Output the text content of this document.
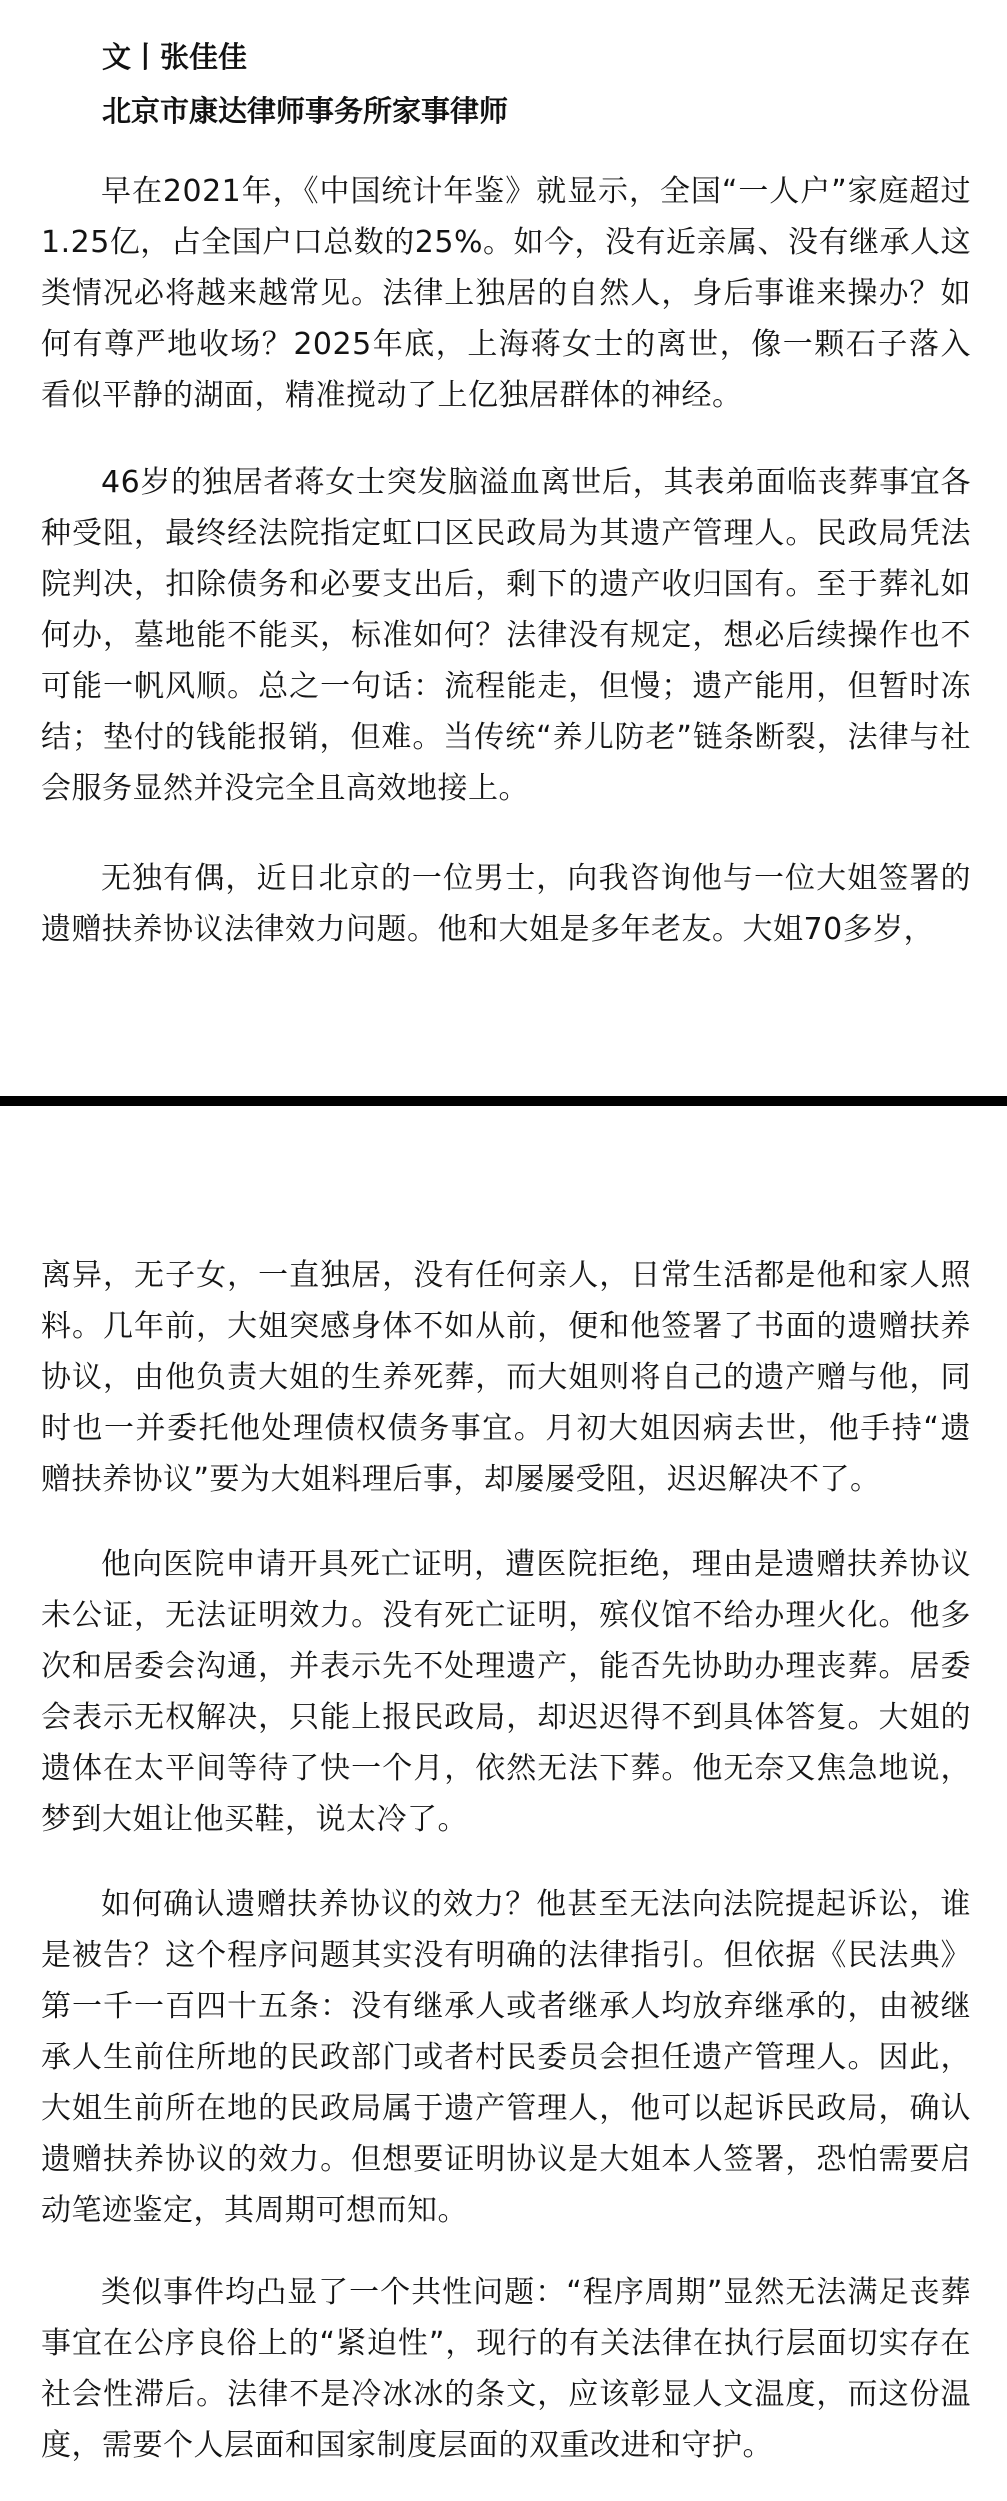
文丨张佳佳

北京市康达律师事务所家事律师

早在2021年，《中国统计年鉴》就显示，全国“一人户”家庭超过1.25亿，占全国户口总数的25%。如今，没有近亲属、没有继承人这类情况必将越来越常见。法律上独居的自然人，身后事谁来操办？如何有尊严地收场？2025年底，上海蒋女士的离世，像一颗石子落入看似平静的湖面，精准搅动了上亿独居群体的神经。

46岁的独居者蒋女士突发脑溢血离世后，其表弟面临丧葬事宜各种受阻，最终经法院指定虹口区民政局为其遗产管理人。民政局凭法院判决，扣除债务和必要支出后，剩下的遗产收归国有。至于葬礼如何办，墓地能不能买，标准如何？法律没有规定，想必后续操作也不可能一帆风顺。总之一句话：流程能走，但慢；遗产能用，但暂时冻结；垫付的钱能报销，但难。当传统“养儿防老”链条断裂，法律与社会服务显然并没完全且高效地接上。

无独有偶，近日北京的一位男士，向我咨询他与一位大姐签署的遗赠扶养协议法律效力问题。他和大姐是多年老友。大姐70多岁，

离异，无子女，一直独居，没有任何亲人，日常生活都是他和家人照料。几年前，大姐突感身体不如从前，便和他签署了书面的遗赠扶养协议，由他负责大姐的生养死葬，而大姐则将自己的遗产赠与他，同时也一并委托他处理债权债务事宜。月初大姐因病去世，他手持“遗赠扶养协议”要为大姐料理后事，却屡屡受阻，迟迟解决不了。

他向医院申请开具死亡证明，遭医院拒绝，理由是遗赠扶养协议未公证，无法证明效力。没有死亡证明，殡仪馆不给办理火化。他多次和居委会沟通，并表示先不处理遗产，能否先协助办理丧葬。居委会表示无权解决，只能上报民政局，却迟迟得不到具体答复。大姐的遗体在太平间等待了快一个月，依然无法下葬。他无奈又焦急地说，梦到大姐让他买鞋，说太冷了。

如何确认遗赠扶养协议的效力？他甚至无法向法院提起诉讼，谁是被告？这个程序问题其实没有明确的法律指引。但依据《民法典》第一千一百四十五条：没有继承人或者继承人均放弃继承的，由被继承人生前住所地的民政部门或者村民委员会担任遗产管理人。因此，大姐生前所在地的民政局属于遗产管理人，他可以起诉民政局，确认遗赠扶养协议的效力。但想要证明协议是大姐本人签署，恐怕需要启动笔迹鉴定，其周期可想而知。

类似事件均凸显了一个共性问题：“程序周期”显然无法满足丧葬事宜在公序良俗上的“紧迫性”，现行的有关法律在执行层面切实存在社会性滞后。法律不是冷冰冰的条文，应该彰显人文温度，而这份温度，需要个人层面和国家制度层面的双重改进和守护。
